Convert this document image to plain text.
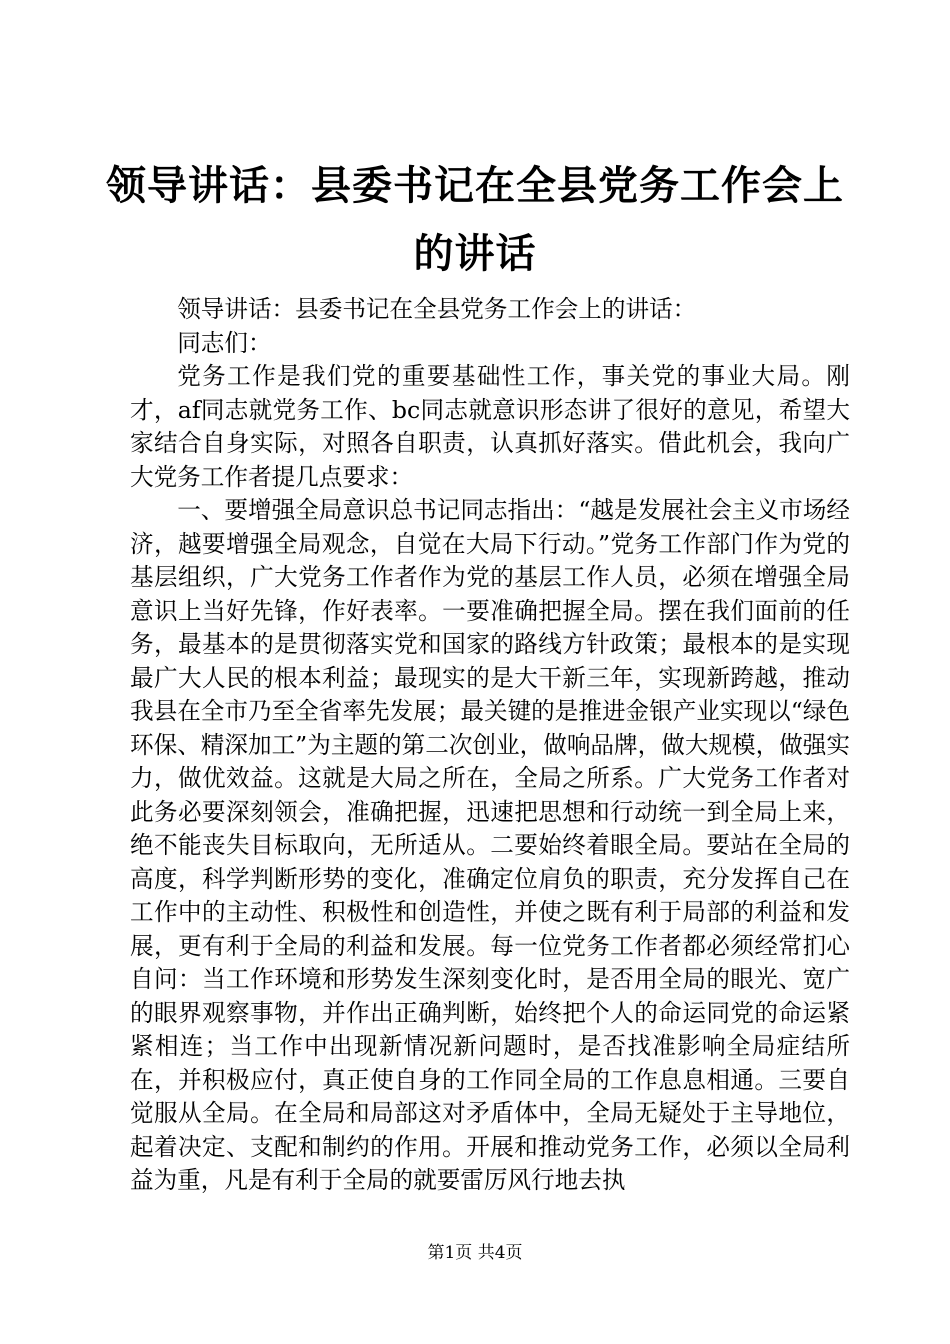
领导讲话：县委书记在全县党务工作会上的讲话

领导讲话：县委书记在全县党务工作会上的讲话：

同志们：

党务工作是我们党的重要基础性工作，事关党的事业大局。刚才，af同志就党务工作、bc同志就意识形态讲了很好的意见，希望大家结合自身实际，对照各自职责，认真抓好落实。借此机会，我向广大党务工作者提几点要求：

一、要增强全局意识总书记同志指出：“越是发展社会主义市场经济，越要增强全局观念，自觉在大局下行动。”党务工作部门作为党的基层组织，广大党务工作者作为党的基层工作人员，必须在增强全局意识上当好先锋，作好表率。一要准确把握全局。摆在我们面前的任务，最基本的是贯彻落实党和国家的路线方针政策；最根本的是实现最广大人民的根本利益；最现实的是大干新三年，实现新跨越，推动我县在全市乃至全省率先发展；最关键的是推进金银产业实现以“绿色环保、精深加工”为主题的第二次创业，做响品牌，做大规模，做强实力，做优效益。这就是大局之所在，全局之所系。广大党务工作者对此务必要深刻领会，准确把握，迅速把思想和行动统一到全局上来，绝不能丧失目标取向，无所适从。二要始终着眼全局。要站在全局的高度，科学判断形势的变化，准确定位肩负的职责，充分发挥自己在工作中的主动性、积极性和创造性，并使之既有利于局部的利益和发展，更有利于全局的利益和发展。每一位党务工作者都必须经常扪心自问：当工作环境和形势发生深刻变化时，是否用全局的眼光、宽广的眼界观察事物，并作出正确判断，始终把个人的命运同党的命运紧紧相连；当工作中出现新情况新问题时，是否找准影响全局症结所在，并积极应付，真正使自身的工作同全局的工作息息相通。三要自觉服从全局。在全局和局部这对矛盾体中，全局无疑处于主导地位，起着决定、支配和制约的作用。开展和推动党务工作，必须以全局利益为重，凡是有利于全局的就要雷厉风行地去执

第1页 共4页
